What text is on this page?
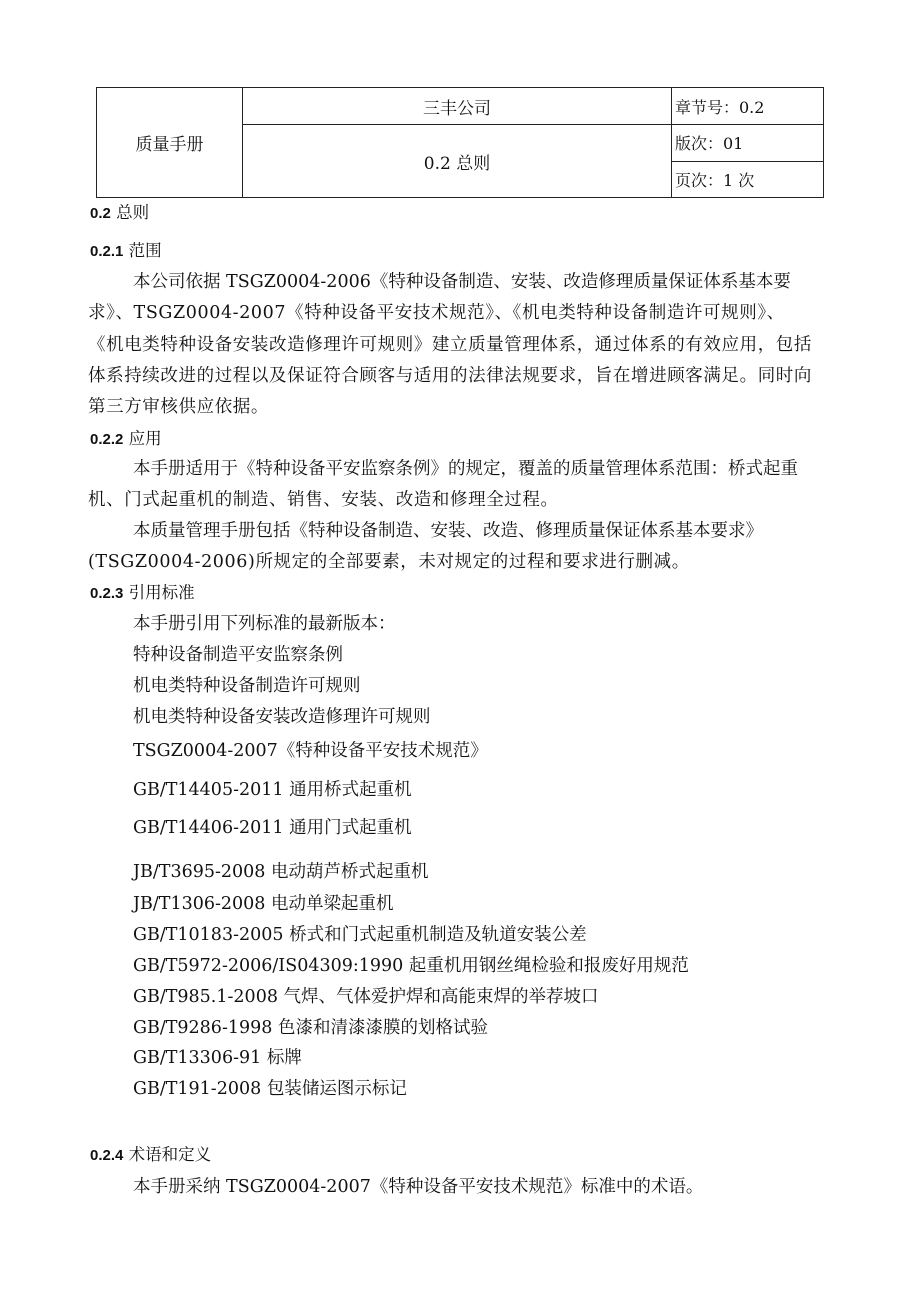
质量手册	三丰公司	章节号：0.2
	0.2 总则	版次：01
		页次：1 次
0.2 总则
0.2.1 范围
本公司依据 TSGZ0004-2006《特种设备制造、安装、改造修理质量保证体系基本要
求》、TSGZ0004-2007《特种设备平安技术规范》、《机电类特种设备制造许可规则》、
《机电类特种设备安装改造修理许可规则》建立质量管理体系，通过体系的有效应用，包括
体系持续改进的过程以及保证符合顾客与适用的法律法规要求，旨在增进顾客满足。同时向
第三方审核供应依据。
0.2.2 应用
本手册适用于《特种设备平安监察条例》的规定，覆盖的质量管理体系范围：桥式起重
机、门式起重机的制造、销售、安装、改造和修理全过程。
本质量管理手册包括《特种设备制造、安装、改造、修理质量保证体系基本要求》
(TSGZ0004-2006)所规定的全部要素，未对规定的过程和要求进行删减。
0.2.3 引用标准
本手册引用下列标准的最新版本：
特种设备制造平安监察条例
机电类特种设备制造许可规则
机电类特种设备安装改造修理许可规则
TSGZ0004-2007《特种设备平安技术规范》
GB/T14405-2011 通用桥式起重机
GB/T14406-2011 通用门式起重机
JB/T3695-2008 电动葫芦桥式起重机
JB/T1306-2008 电动单梁起重机
GB/T10183-2005 桥式和门式起重机制造及轨道安装公差
GB/T5972-2006/IS04309:1990 起重机用钢丝绳检验和报废好用规范
GB/T985.1-2008 气焊、气体爱护焊和高能束焊的举荐坡口
GB/T9286-1998 色漆和清漆漆膜的划格试验
GB/T13306-91 标牌
GB/T191-2008 包装储运图示标记
0.2.4 术语和定义
本手册采纳 TSGZ0004-2007《特种设备平安技术规范》标准中的术语。
